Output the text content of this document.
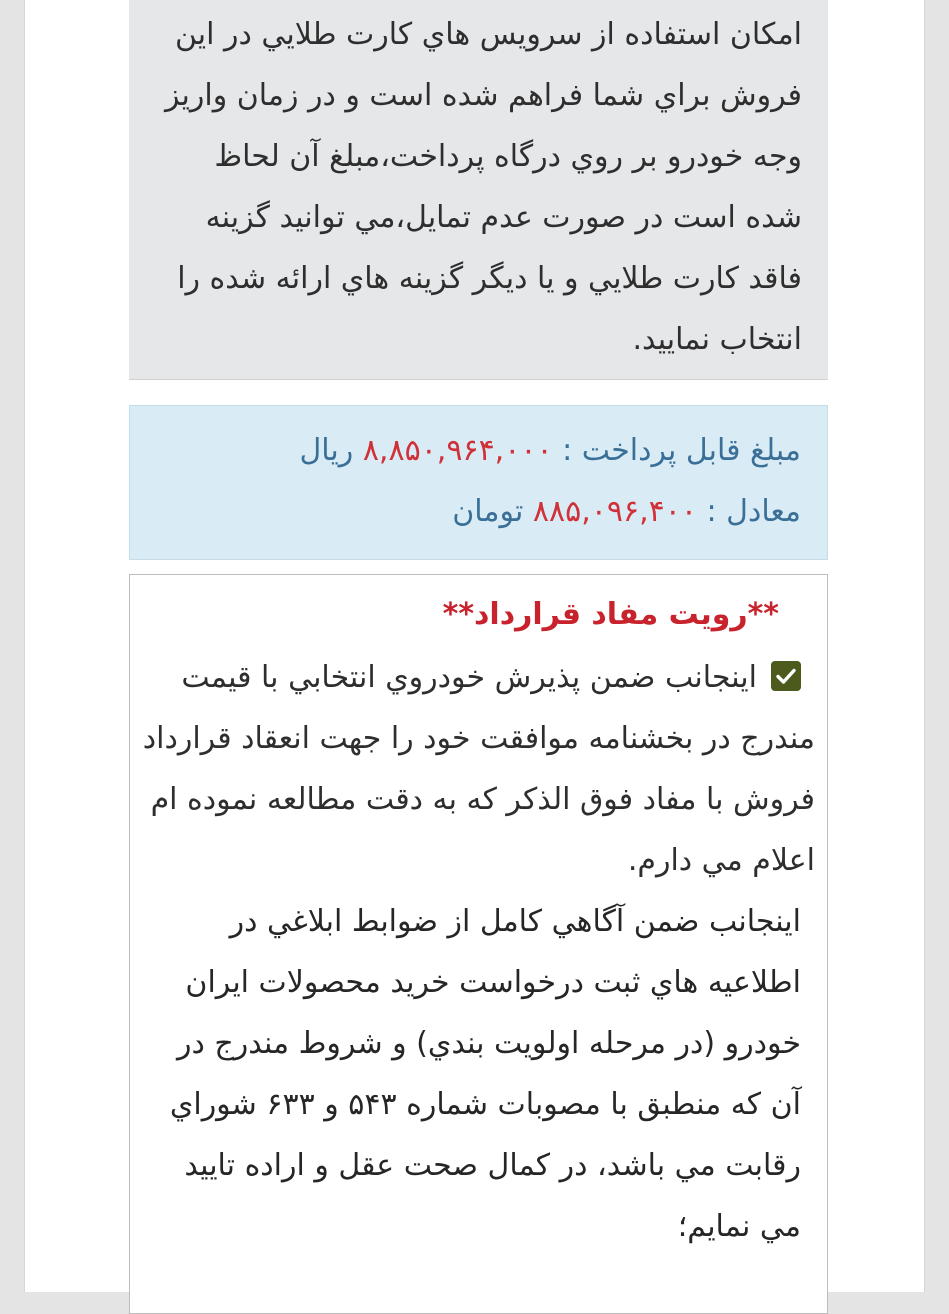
امكان استفاده از سرويس هاي كارت طلايي در اين فروش براي شما فراهم شده است و در زمان واريز وجه خودرو بر روي درگاه پرداخت،مبلغ آن لحاظ شده است در صورت عدم تمايل،مي توانيد گزينه فاقد كارت طلايي و يا ديگر گزينه هاي ارائه شده را انتخاب نماييد.

مبلغ قابل پرداخت : ۸,۸۵۰,۹۶۴,۰۰۰ ريال

معادل : ۸۸۵,۰۹۶,۴۰۰ تومان

**رويت مفاد قرارداد**

اينجانب ضمن پذيرش خودروي انتخابي با قيمت مندرج در بخشنامه موافقت خود را جهت انعقاد قرارداد فروش با مفاد فوق الذكر كه به دقت مطالعه نموده ام اعلام مي دارم.

اينجانب ضمن آگاهي كامل از ضوابط ابلاغي در اطلاعيه هاي ثبت درخواست خريد محصولات ايران خودرو (در مرحله اولويت بندي) و شروط مندرج در آن كه منطبق با مصوبات شماره ۵۴۳ و ۶۳۳ شوراي رقابت مي باشد، در كمال صحت عقل و اراده تاييد مي نمايم؛
